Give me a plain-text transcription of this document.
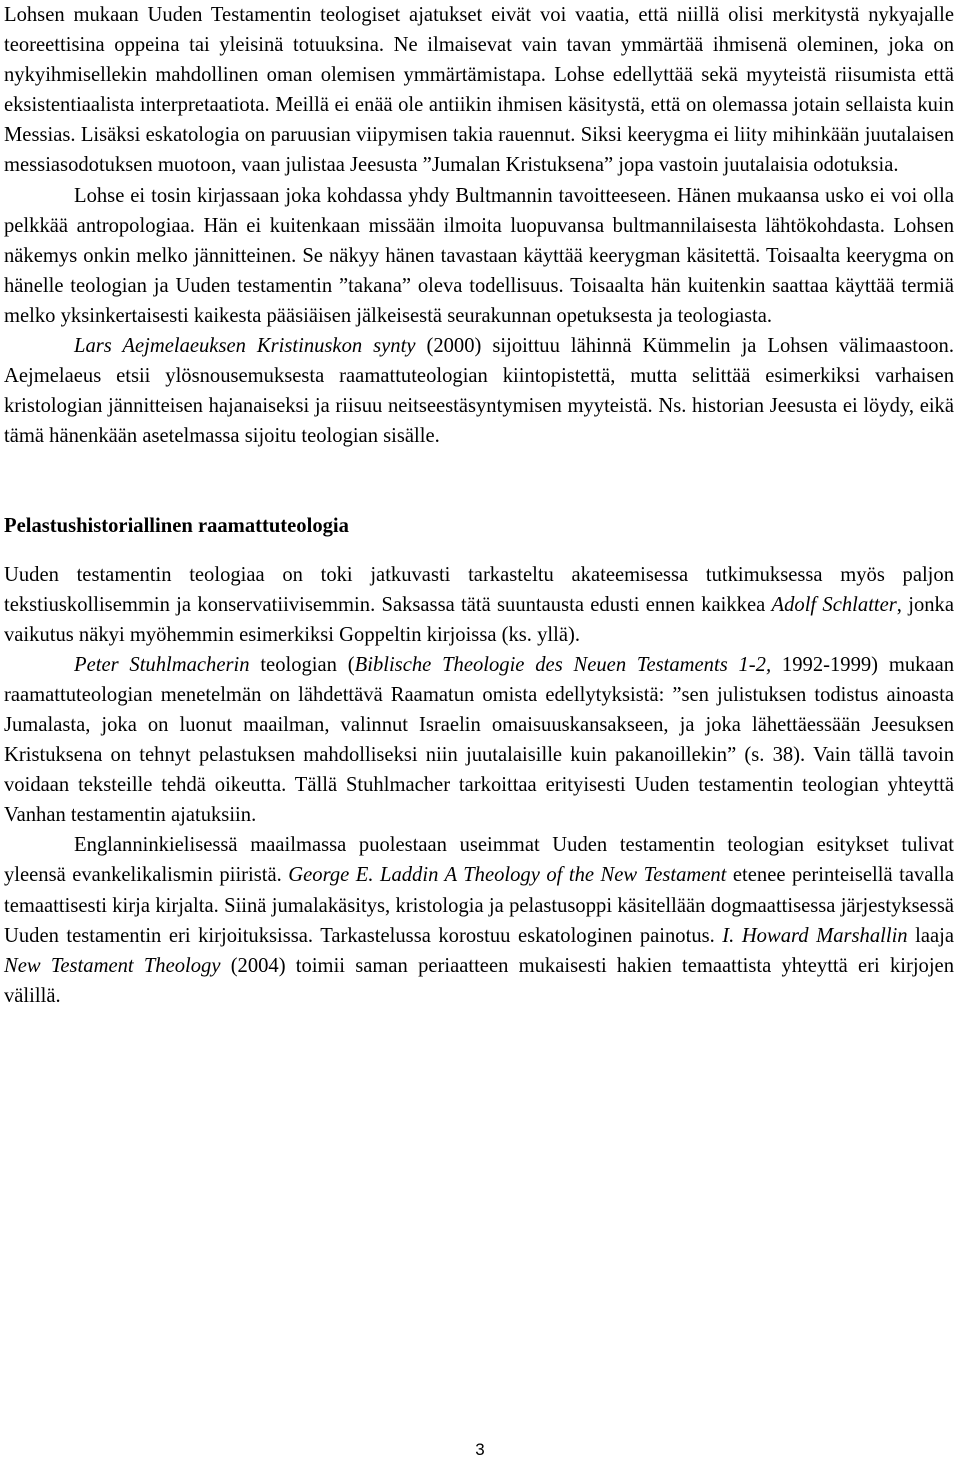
Lohsen mukaan Uuden Testamentin teologiset ajatukset eivät voi vaatia, että niillä olisi merkitystä nykyajalle teoreettisina oppeina tai yleisinä totuuksina. Ne ilmaisevat vain tavan ymmärtää ihmisenä oleminen, joka on nykyihmisellekin mahdollinen oman olemisen ymmärtämistapa. Lohse edellyttää sekä myyteistä riisumista että eksistentiaalista interpretaatiota. Meillä ei enää ole antiikin ihmisen käsitystä, että on olemassa jotain sellaista kuin Messias. Lisäksi eskatologia on paruusian viipymisen takia rauennut. Siksi keerygma ei liity mihinkään juutalaisen messiasodotuksen muotoon, vaan julistaa Jeesusta ”Jumalan Kristuksena” jopa vastoin juutalaisia odotuksia.

Lohse ei tosin kirjassaan joka kohdassa yhdy Bultmannin tavoitteeseen. Hänen mukaansa usko ei voi olla pelkkää antropologiaa. Hän ei kuitenkaan missään ilmoita luopuvansa bultmannilaisesta lähtökohdasta. Lohsen näkemys onkin melko jännitteinen. Se näkyy hänen tavastaan käyttää keerygman käsitettä. Toisaalta keerygma on hänelle teologian ja Uuden testamentin ”takana” oleva todellisuus. Toisaalta hän kuitenkin saattaa käyttää termiä melko yksinkertaisesti kaikesta pääsiäisen jälkeisestä seurakunnan opetuksesta ja teologiasta.

Lars Aejmelaeuksen Kristinuskon synty (2000) sijoittuu lähinnä Kümmelin ja Lohsen välimaastoon. Aejmelaeus etsii ylösnousemuksesta raamattuteologian kiintopistettä, mutta selittää esimerkiksi varhaisen kristologian jännitteisen hajanaiseksi ja riisuu neitseestäsyntymisen myyteistä. Ns. historian Jeesusta ei löydy, eikä tämä hänenkään asetelmassa sijoitu teologian sisälle.

Pelastushistoriallinen raamattuteologia

Uuden testamentin teologiaa on toki jatkuvasti tarkasteltu akateemisessa tutkimuksessa myös paljon tekstiuskollisemmin ja konservatiivisemmin. Saksassa tätä suuntausta edusti ennen kaikkea Adolf Schlatter, jonka vaikutus näkyi myöhemmin esimerkiksi Goppeltin kirjoissa (ks. yllä).

Peter Stuhlmacherin teologian (Biblische Theologie des Neuen Testaments 1-2, 1992-1999) mukaan raamattuteologian menetelmän on lähdettävä Raamatun omista edellytyksistä: ”sen julistuksen todistus ainoasta Jumalasta, joka on luonut maailman, valinnut Israelin omaisuuskansakseen, ja joka lähettäessään Jeesuksen Kristuksena on tehnyt pelastuksen mahdolliseksi niin juutalaisille kuin pakanoillekin” (s. 38). Vain tällä tavoin voidaan teksteille tehdä oikeutta. Tällä Stuhlmacher tarkoittaa erityisesti Uuden testamentin teologian yhteyttä Vanhan testamentin ajatuksiin.

Englanninkielisessä maailmassa puolestaan useimmat Uuden testamentin teologian esitykset tulivat yleensä evankelikalismin piiristä. George E. Laddin A Theology of the New Testament etenee perinteisellä tavalla temaattisesti kirja kirjalta. Siinä jumalakäsitys, kristologia ja pelastusoppi käsitellään dogmaattisessa järjestyksessä Uuden testamentin eri kirjoituksissa. Tarkastelussa korostuu eskatologinen painotus. I. Howard Marshallin laaja New Testament Theology (2004) toimii saman periaatteen mukaisesti hakien temaattista yhteyttä eri kirjojen välillä.

3
